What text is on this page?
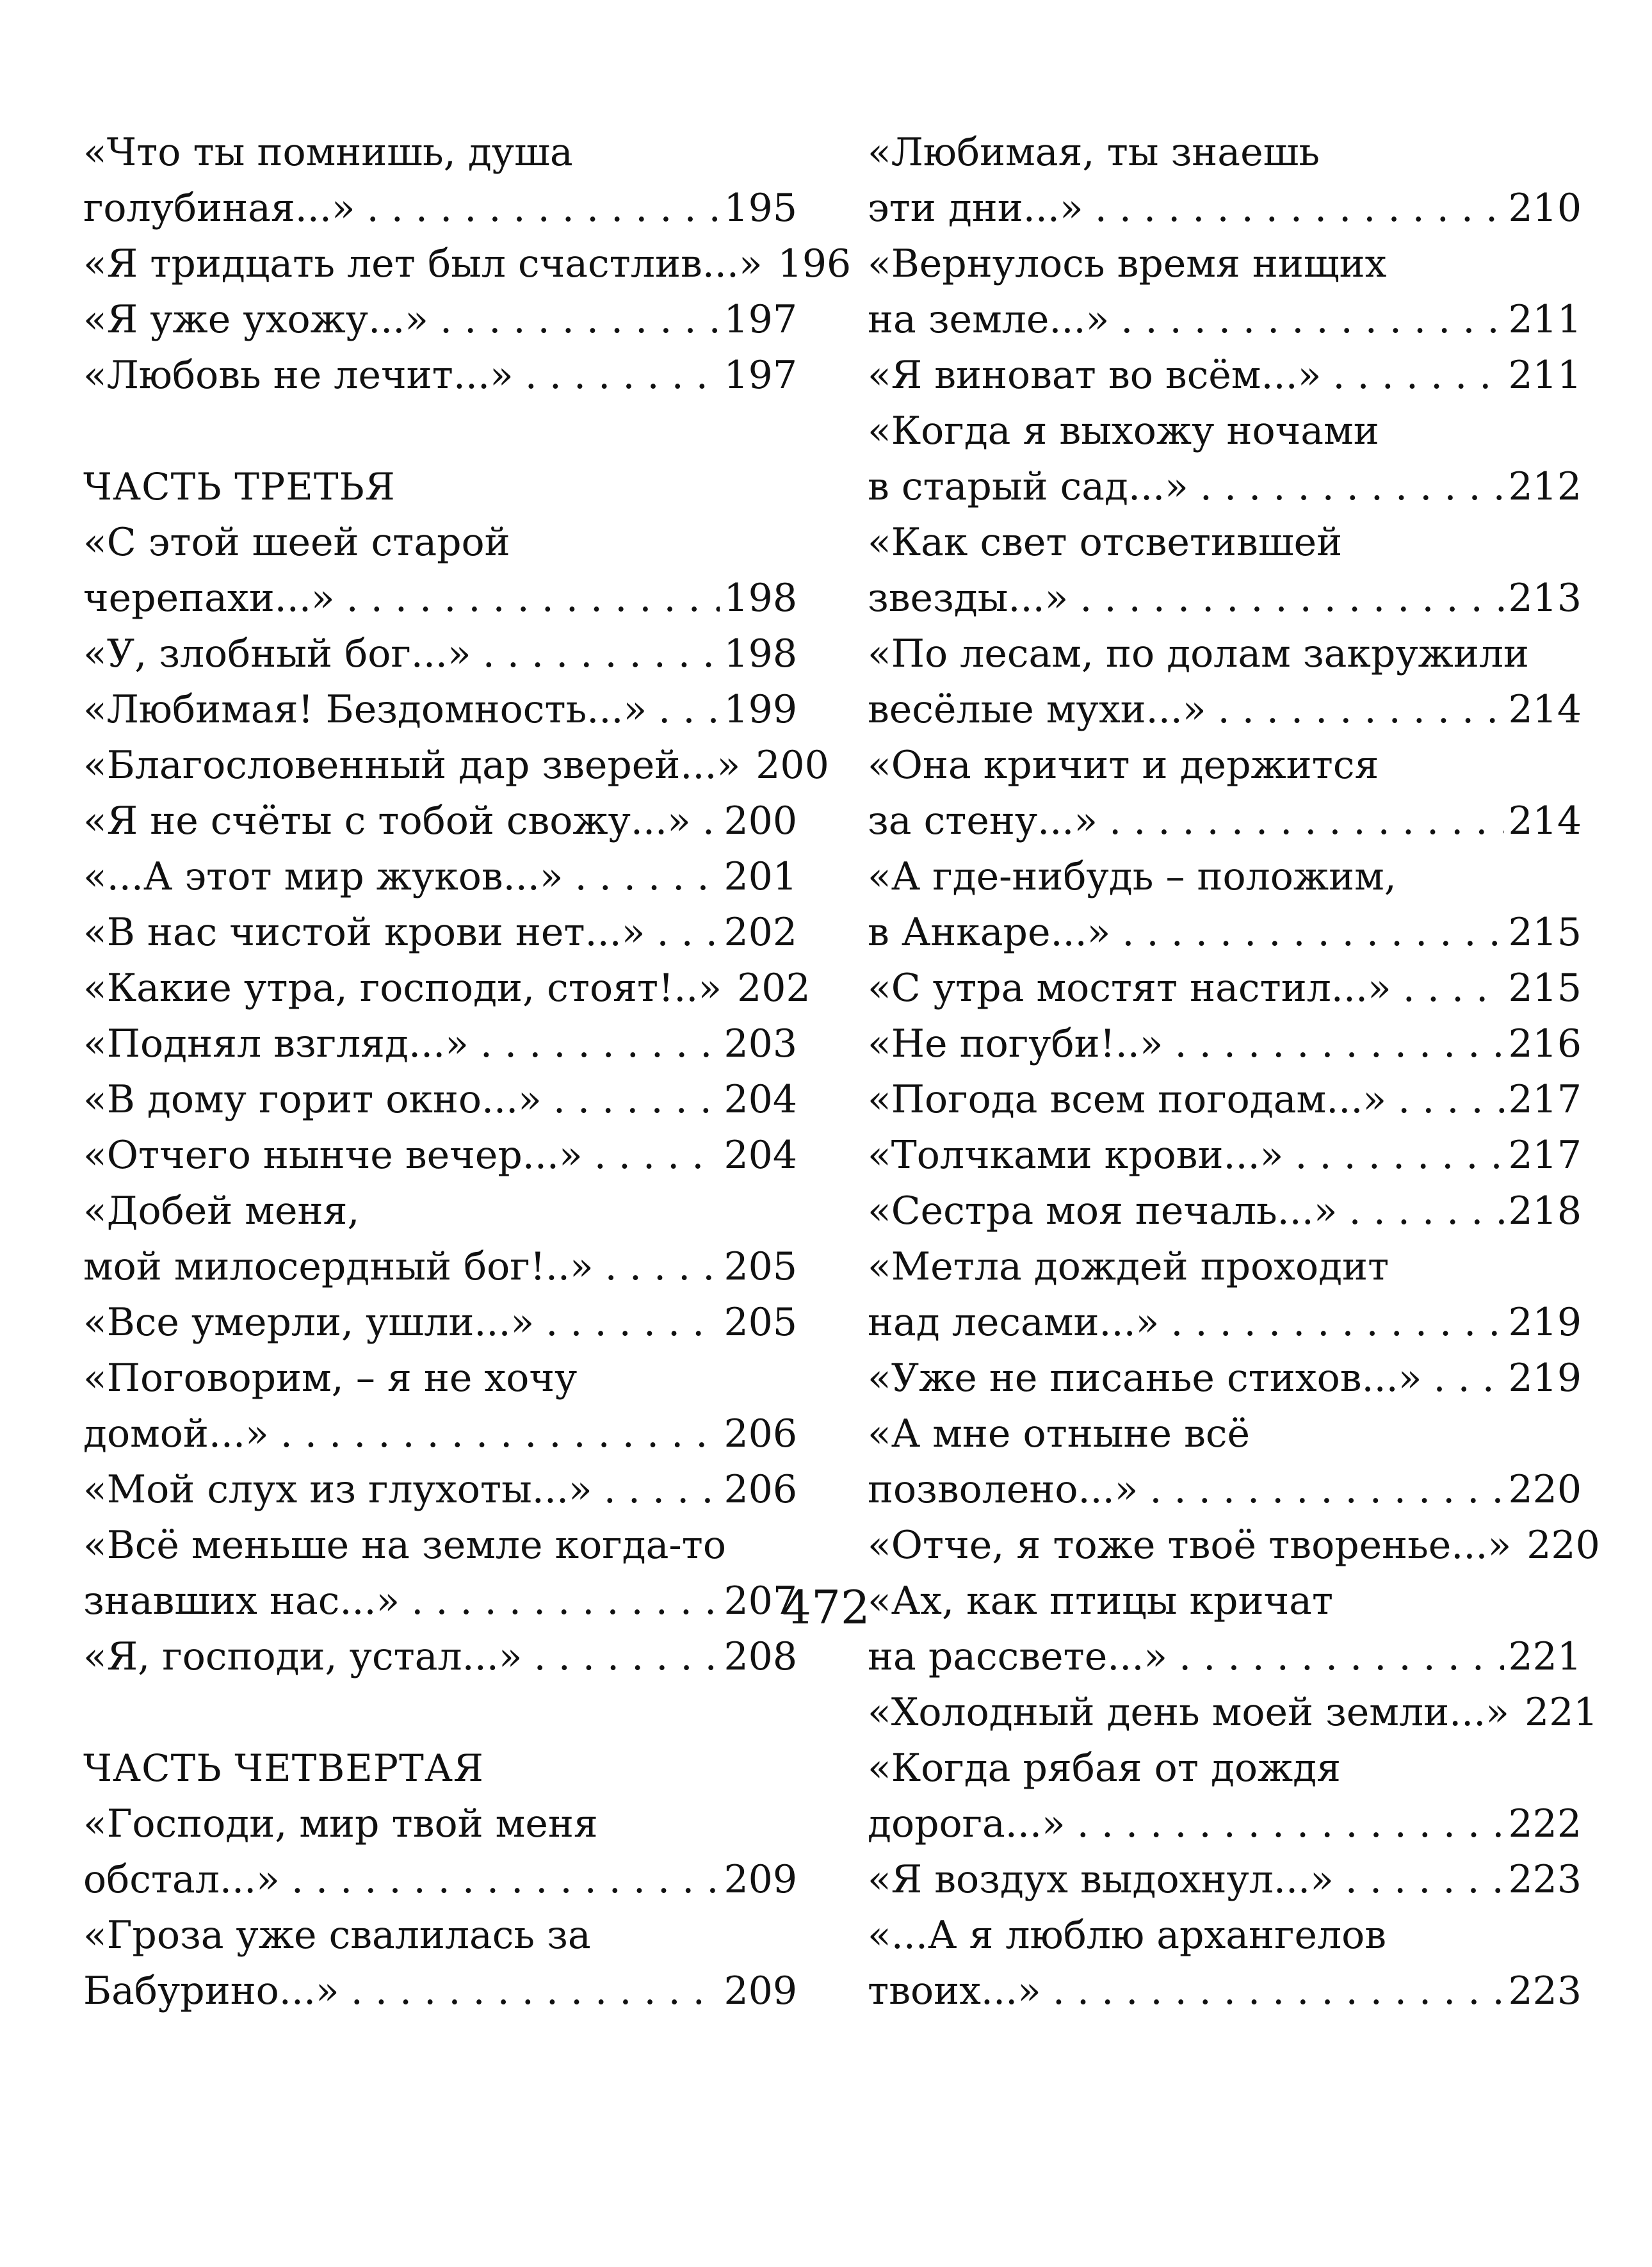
«Что ты помнишь, душа
голубиная...» . . .	195
«Я тридцать лет был счастлив...» 196
«Я уже ухожу...» . . .	197
«Любовь не лечит...» . . .	197
ЧАСТЬ ТРЕТЬЯ
«С этой шеей старой
черепахи...» . . .	198
«У, злобный бог...» . . .	198
«Любимая! Бездомность...» . . . 199
«Благословенный дар зверей...» 200
«Я не счёты с тобой свожу...» . . . 200
«...А этот мир жуков...» . . .	201
«В нас чистой крови нет...» . . . 202
«Какие утра, господи, стоят!..» 202
«Поднял взгляд...» . . .	203
«В дому горит окно...» . . .	204
«Отчего нынче вечер...» . . .	204
«Добей меня,
мой милосердный бог!..» . . .	205
«Все умерли, ушли...» . . .	205
«Поговорим, – я не хочу
домой...» . . .	206
«Мой слух из глухоты...» . . .	206
«Всё меньше на земле когда-то
знавших нас...» . . .	207
«Я, господи, устал...» . . .	208
ЧАСТЬ ЧЕТВЕРТАЯ
«Господи, мир твой меня
обстал...» . . .	209
«Гроза уже свалилась за
Бабурино...» . . .	209
«Любимая, ты знаешь
эти дни...» . . .	210
«Вернулось время нищих
на земле...» . . .	211
«Я виноват во всём...» . . .	211
«Когда я выхожу ночами
в старый сад...» . . .	212
«Как свет отсветившей
звезды...» . . .	213
«По лесам, по долам закружили
весёлые мухи...» . . .	214
«Она кричит и держится
за стену...» . . .	214
«А где-нибудь – положим,
в Анкаре...» . . .	215
«С утра мостят настил...» . . .	215
«Не погуби!..» . . .	216
«Погода всем погодам...» . . .	217
«Толчками крови...» . . .	217
«Сестра моя печаль...» . . .	218
«Метла дождей проходит
над лесами...» . . .	219
«Уже не писанье стихов...» . . . 219
«А мне отныне всё
позволено...» . . .	220
«Отче, я тоже твоё творенье...» 220
«Ах, как птицы кричат
на рассвете...» . . .	221
«Холодный день моей земли...» 221
«Когда рябая от дождя
дорога...» . . .	222
«Я воздух выдохнул...» . . .	223
«...А я люблю архангелов
твоих...» . . .	223
472
